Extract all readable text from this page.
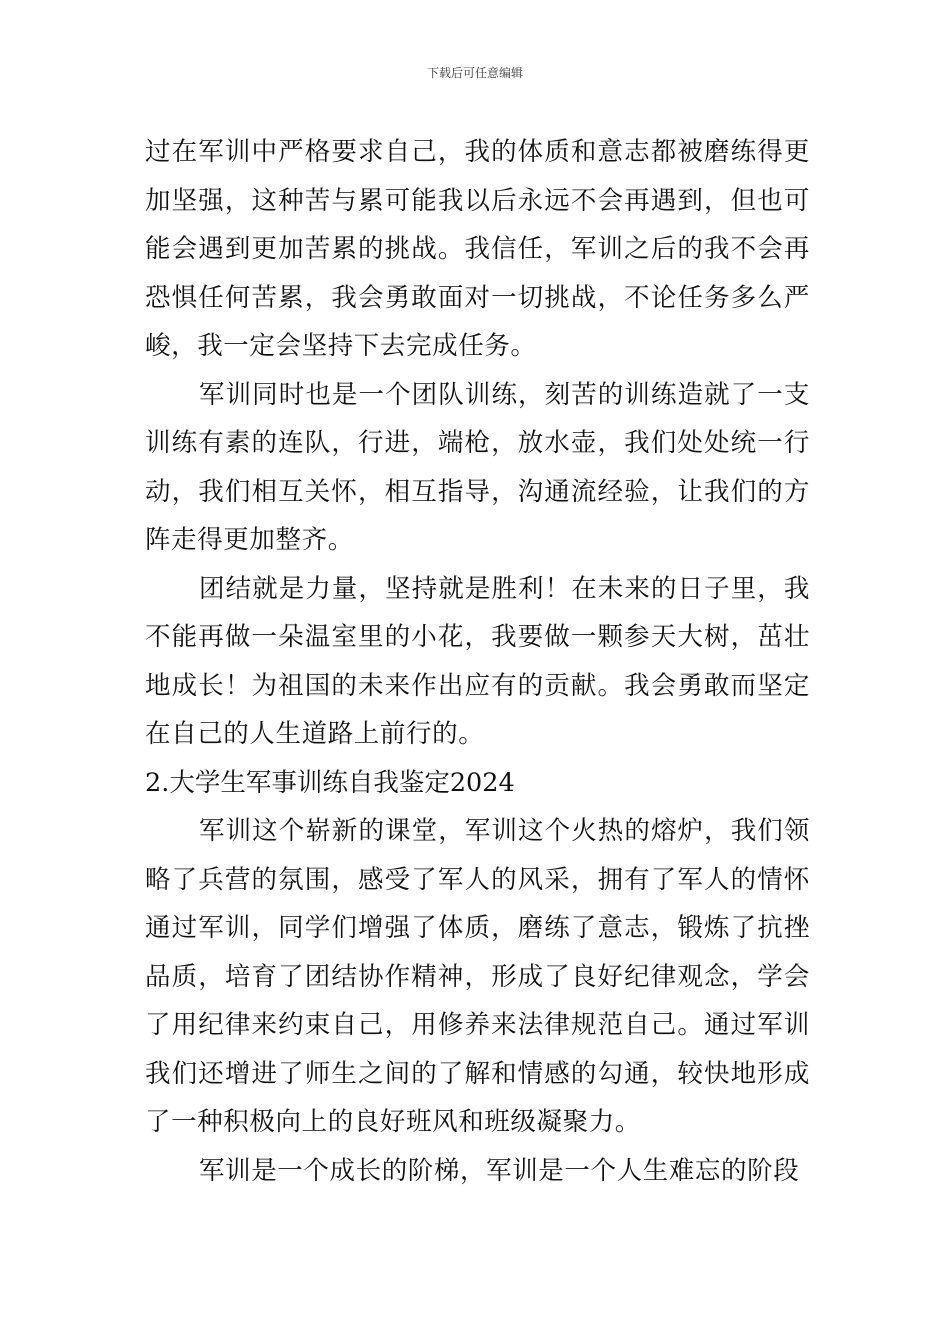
下载后可任意编辑

过在军训中严格要求自己，我的体质和意志都被磨练得更加坚强，这种苦与累可能我以后永远不会再遇到，但也可能会遇到更加苦累的挑战。我信任，军训之后的我不会再恐惧任何苦累，我会勇敢面对一切挑战，不论任务多么严峻，我一定会坚持下去完成任务。

军训同时也是一个团队训练，刻苦的训练造就了一支训练有素的连队，行进，端枪，放水壶，我们处处统一行动，我们相互关怀，相互指导，沟通流经验，让我们的方阵走得更加整齐。

团结就是力量，坚持就是胜利！在未来的日子里，我不能再做一朵温室里的小花，我要做一颗参天大树，茁壮地成长！为祖国的未来作出应有的贡献。我会勇敢而坚定在自己的人生道路上前行的。

2.大学生军事训练自我鉴定2024

军训这个崭新的课堂，军训这个火热的熔炉，我们领略了兵营的氛围，感受了军人的风采，拥有了军人的情怀通过军训，同学们增强了体质，磨练了意志，锻炼了抗挫品质，培育了团结协作精神，形成了良好纪律观念，学会了用纪律来约束自己，用修养来法律规范自己。通过军训我们还增进了师生之间的了解和情感的勾通，较快地形成了一种积极向上的良好班风和班级凝聚力。

军训是一个成长的阶梯，军训是一个人生难忘的阶段
